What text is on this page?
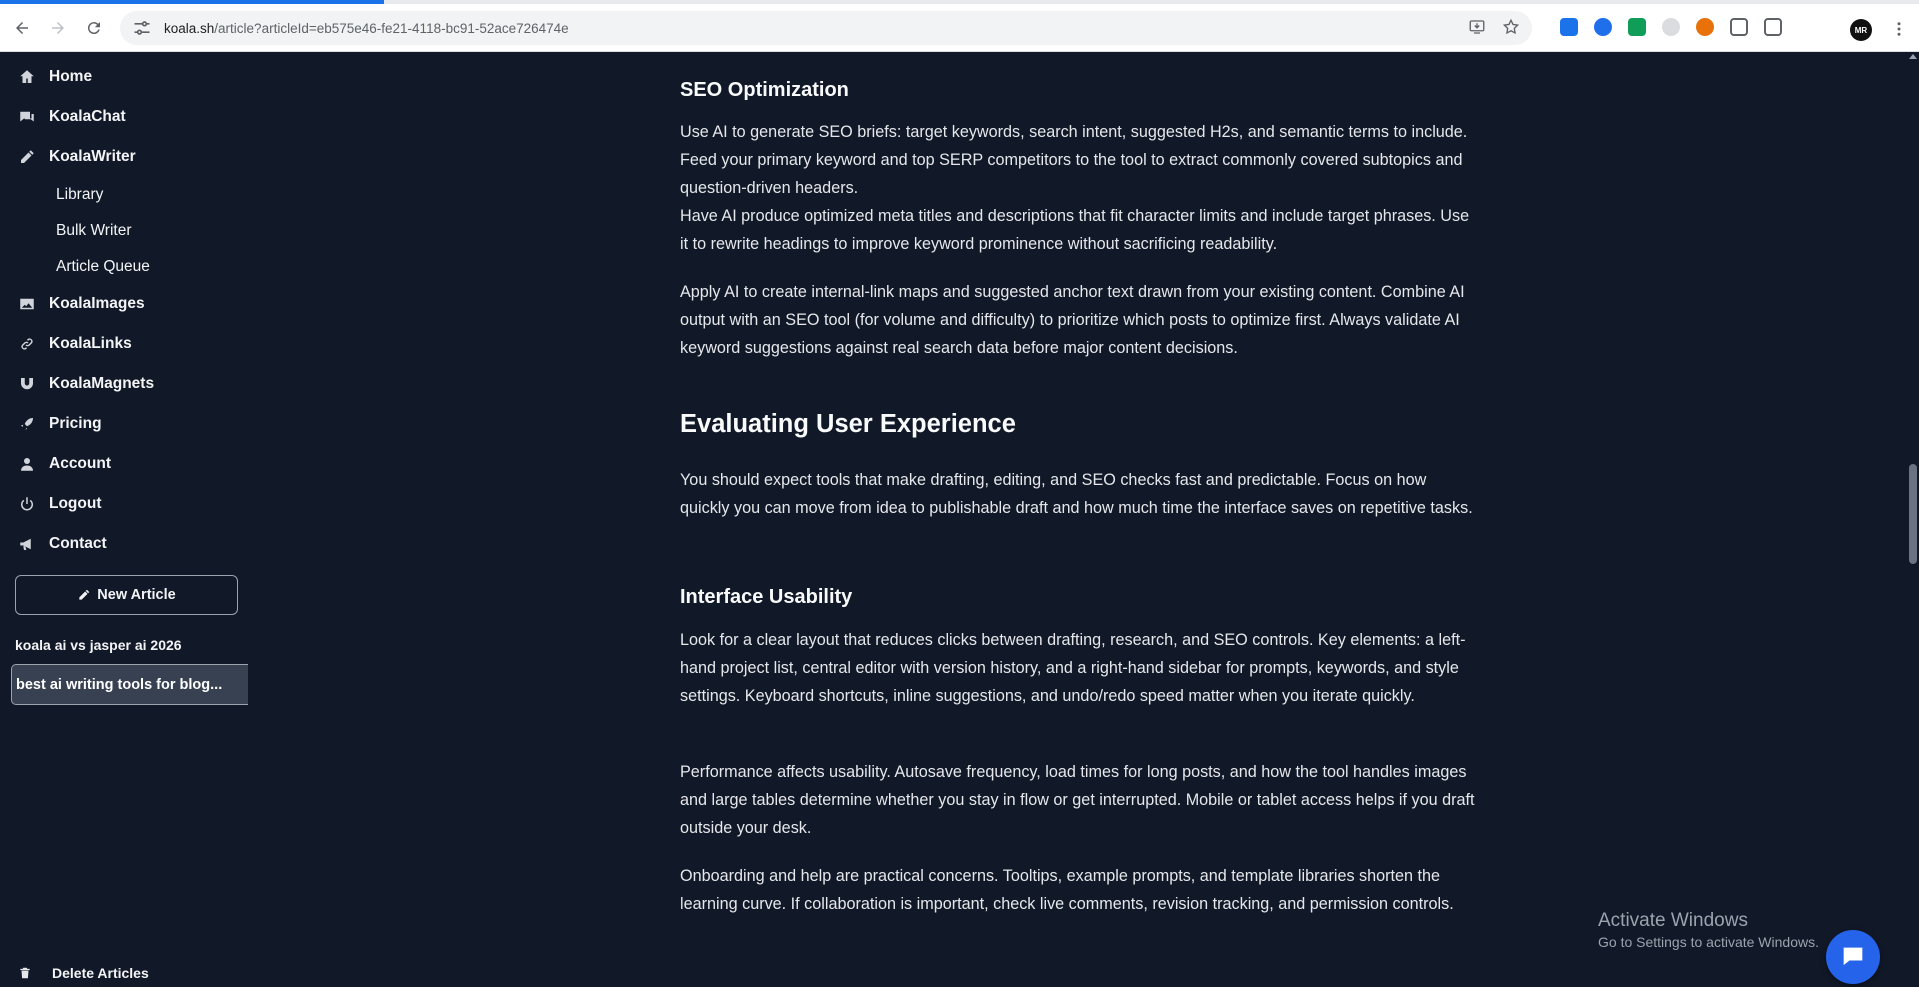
koala.sh/article?articleId=eb575e46-fe21-4118-bc91-52ace726474e	MR
Home
KoalaChat
KoalaWriter
Library
Bulk Writer
Article Queue
KoalaImages
KoalaLinks
KoalaMagnets
Pricing
Account
Logout
Contact
New Article
koala ai vs jasper ai 2026
best ai writing tools for blog...
Delete Articles
SEO Optimization
Use AI to generate SEO briefs: target keywords, search intent, suggested H2s, and semantic terms to include. Feed your primary keyword and top SERP competitors to the tool to extract commonly covered subtopics and question-driven headers.
Have AI produce optimized meta titles and descriptions that fit character limits and include target phrases. Use it to rewrite headings to improve keyword prominence without sacrificing readability.
Apply AI to create internal-link maps and suggested anchor text drawn from your existing content. Combine AI output with an SEO tool (for volume and difficulty) to prioritize which posts to optimize first. Always validate AI keyword suggestions against real search data before major content decisions.
Evaluating User Experience
You should expect tools that make drafting, editing, and SEO checks fast and predictable. Focus on how quickly you can move from idea to publishable draft and how much time the interface saves on repetitive tasks.
Interface Usability
Look for a clear layout that reduces clicks between drafting, research, and SEO controls. Key elements: a left-hand project list, central editor with version history, and a right-hand sidebar for prompts, keywords, and style settings. Keyboard shortcuts, inline suggestions, and undo/redo speed matter when you iterate quickly.
Performance affects usability. Autosave frequency, load times for long posts, and how the tool handles images and large tables determine whether you stay in flow or get interrupted. Mobile or tablet access helps if you draft outside your desk.
Onboarding and help are practical concerns. Tooltips, example prompts, and template libraries shorten the learning curve. If collaboration is important, check live comments, revision tracking, and permission controls.
Activate Windows
Go to Settings to activate Windows.
